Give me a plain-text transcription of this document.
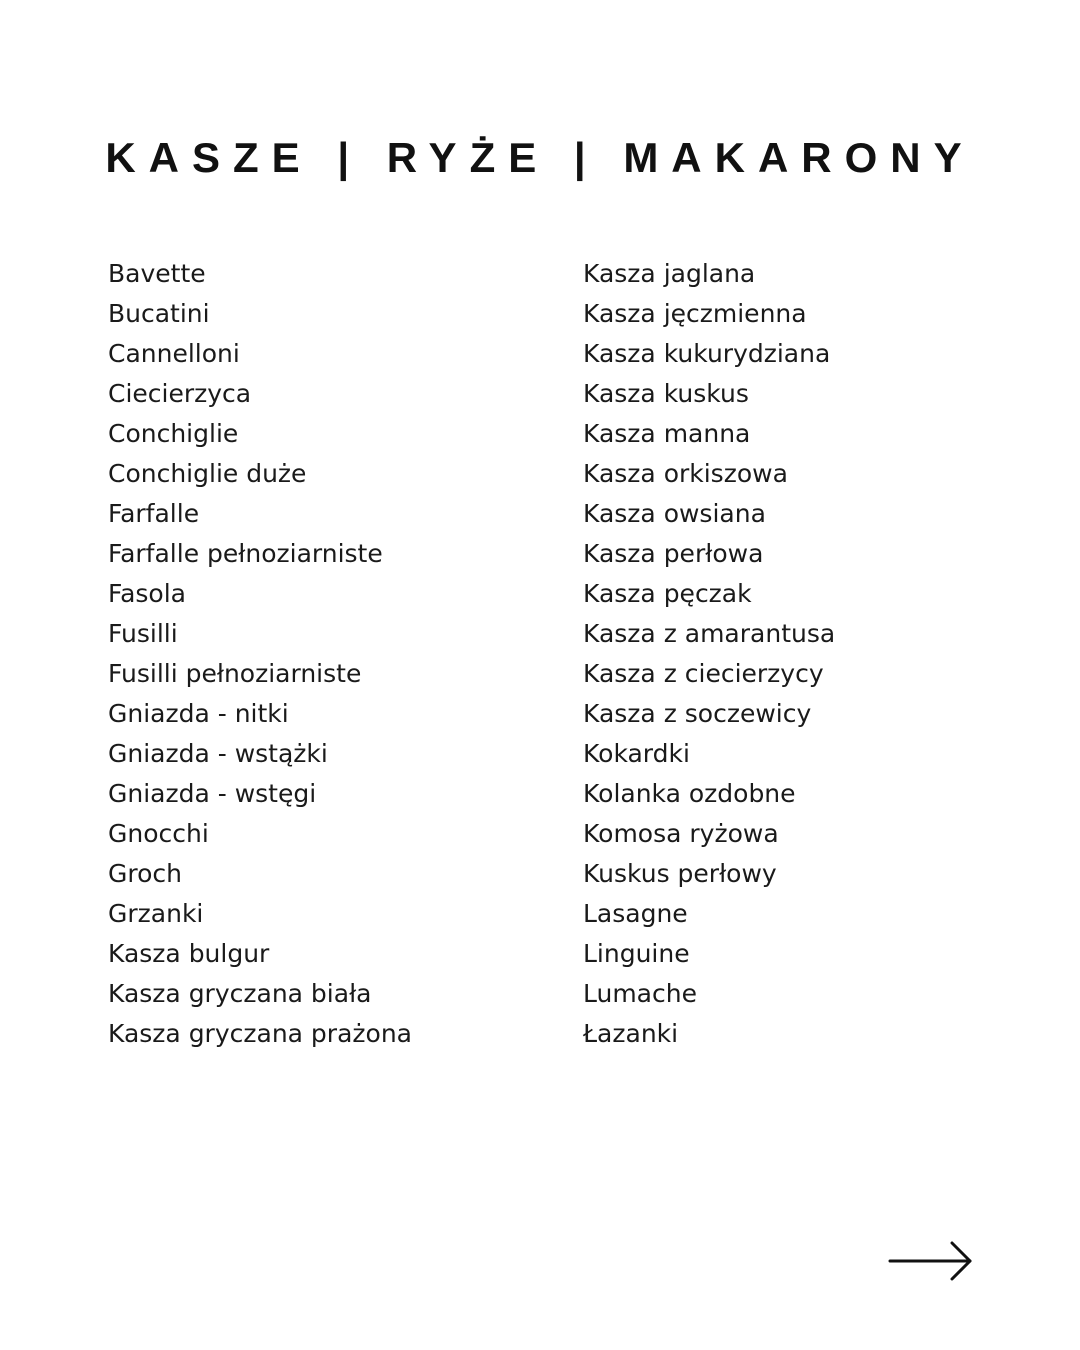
KASZE | RYŻE | MAKARONY
Bavette
Bucatini
Cannelloni
Ciecierzyca
Conchiglie
Conchiglie duże
Farfalle
Farfalle pełnoziarniste
Fasola
Fusilli
Fusilli pełnoziarniste
Gniazda - nitki
Gniazda - wstążki
Gniazda - wstęgi
Gnocchi
Groch
Grzanki
Kasza bulgur
Kasza gryczana biała
Kasza gryczana prażona
Kasza jaglana
Kasza jęczmienna
Kasza kukurydziana
Kasza kuskus
Kasza manna
Kasza orkiszowa
Kasza owsiana
Kasza perłowa
Kasza pęczak
Kasza z amarantusa
Kasza z ciecierzycy
Kasza z soczewicy
Kokardki
Kolanka ozdobne
Komosa ryżowa
Kuskus perłowy
Lasagne
Linguine
Lumache
Łazanki
